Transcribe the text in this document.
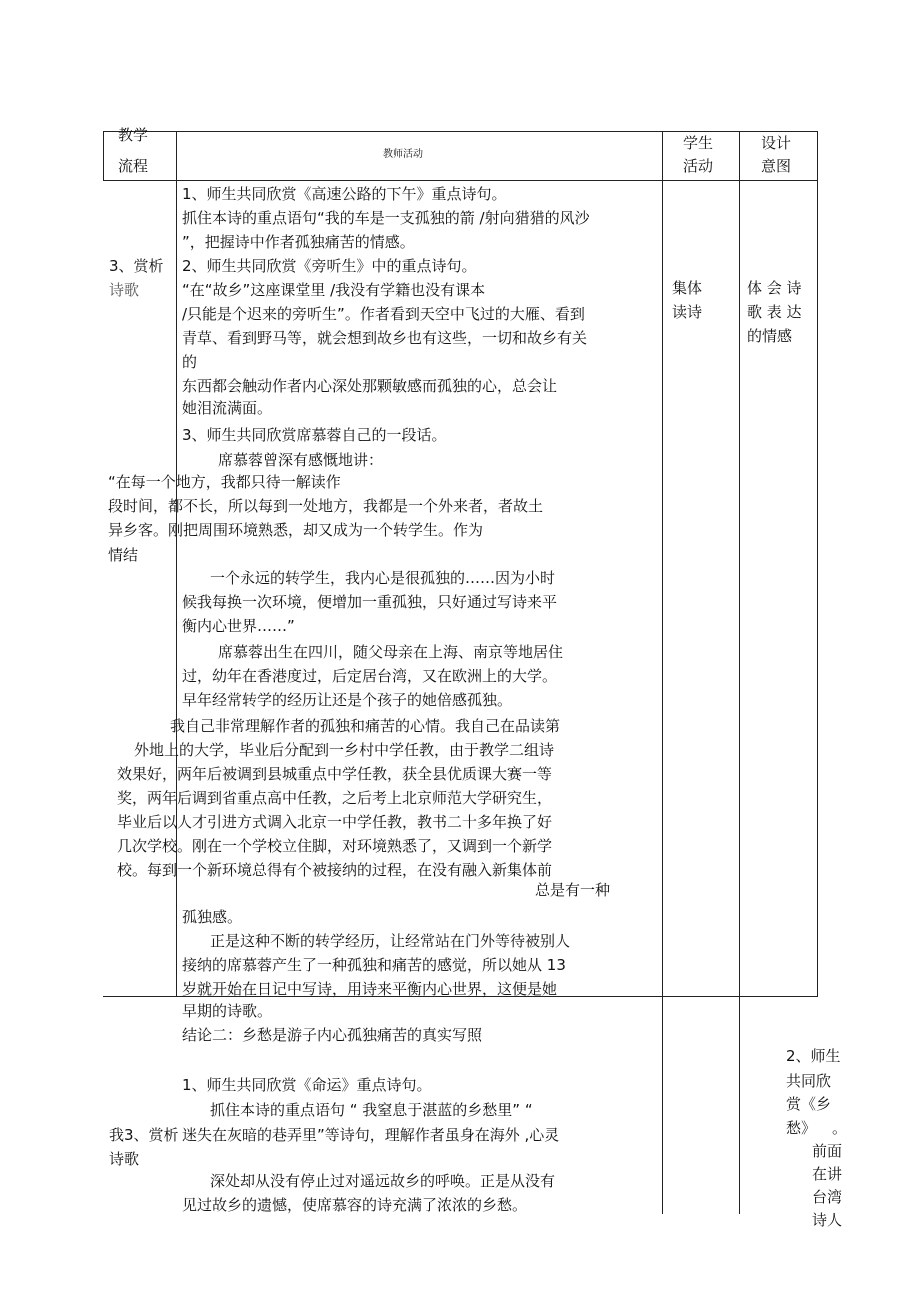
教学
流程
教师活动
学生
活动
设计
意图
3、赏析
诗歌	集体
读诗
体 会 诗
歌 表 达
的情感
1、师生共同欣赏《高速公路的下午》重点诗句。
抓住本诗的重点语句“我的车是一支孤独的箭 /射向猎猎的风沙
”，把握诗中作者孤独痛苦的情感。
2、师生共同欣赏《旁听生》中的重点诗句。
“在“故乡”这座课堂里 /我没有学籍也没有课本
/只能是个迟来的旁听生”。作者看到天空中飞过的大雁、看到
青草、看到野马等，就会想到故乡也有这些，一切和故乡有关
的
东西都会触动作者内心深处那颗敏感而孤独的心，总会让
她泪流满面。
3、师生共同欣赏席慕蓉自己的一段话。
席慕蓉曾深有感慨地讲：
“在每一个地方，我都只待一解读作
段时间，都不长，所以每到一处地方，我都是一个外来者，者故土
异乡客。刚把周围环境熟悉，却又成为一个转学生。作为
情结
一个永远的转学生，我内心是很孤独的……因为小时
候我每换一次环境，便增加一重孤独，只好通过写诗来平
衡内心世界……”
席慕蓉出生在四川，随父母亲在上海、南京等地居住
过，幼年在香港度过，后定居台湾，又在欧洲上的大学。
早年经常转学的经历让还是个孩子的她倍感孤独。
我自己非常理解作者的孤独和痛苦的心情。我自己在品读第
外地上的大学，毕业后分配到一乡村中学任教，由于教学二组诗
效果好，两年后被调到县城重点中学任教，获全县优质课大赛一等
奖，两年后调到省重点高中任教，之后考上北京师范大学研究生，
毕业后以人才引进方式调入北京一中学任教，教书二十多年换了好
几次学校。刚在一个学校立住脚，对环境熟悉了，又调到一个新学
校。每到一个新环境总得有个被接纳的过程，在没有融入新集体前
总是有一种
孤独感。
正是这种不断的转学经历，让经常站在门外等待被别人
接纳的席慕蓉产生了一种孤独和痛苦的感觉，所以她从 13
岁就开始在日记中写诗，用诗来平衡内心世界，这便是她
早期的诗歌。
结论二：乡愁是游子内心孤独痛苦的真实写照
1、师生共同欣赏《命运》重点诗句。
抓住本诗的重点语句 “ 我窒息于湛蓝的乡愁里” “
迷失在灰暗的巷弄里”等诗句，理解作者虽身在海外 ,心灵
深处却从没有停止过对遥远故乡的呼唤。正是从没有
见过故乡的遗憾，使席慕容的诗充满了浓浓的乡愁。
我3、赏析
诗歌
2、师生
共同欣
赏《乡
愁》 。
前面
在讲
台湾
诗人
